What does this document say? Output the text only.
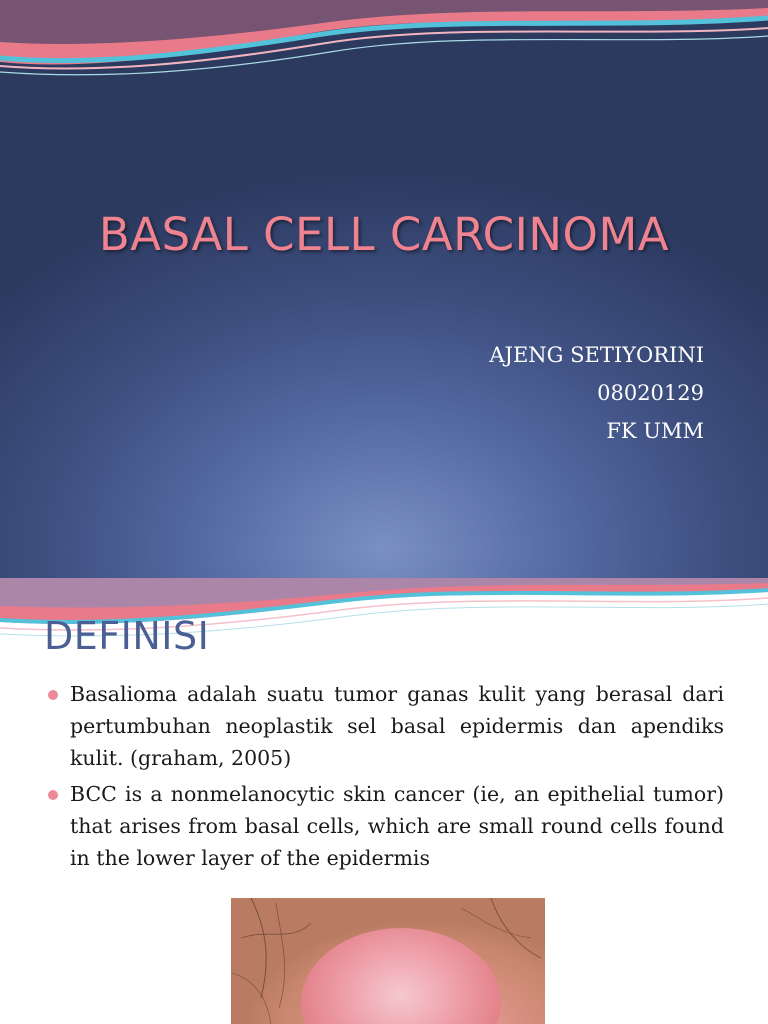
BASAL CELL CARCINOMA
AJENG SETIYORINI
08020129
FK UMM
DEFINISI
Basalioma adalah suatu tumor ganas kulit yang berasal dari pertumbuhan neoplastik sel basal epidermis dan apendiks kulit. (graham, 2005)
BCC is a nonmelanocytic skin cancer (ie, an epithelial tumor) that arises from basal cells, which are small round cells found in the lower layer of the epidermis
